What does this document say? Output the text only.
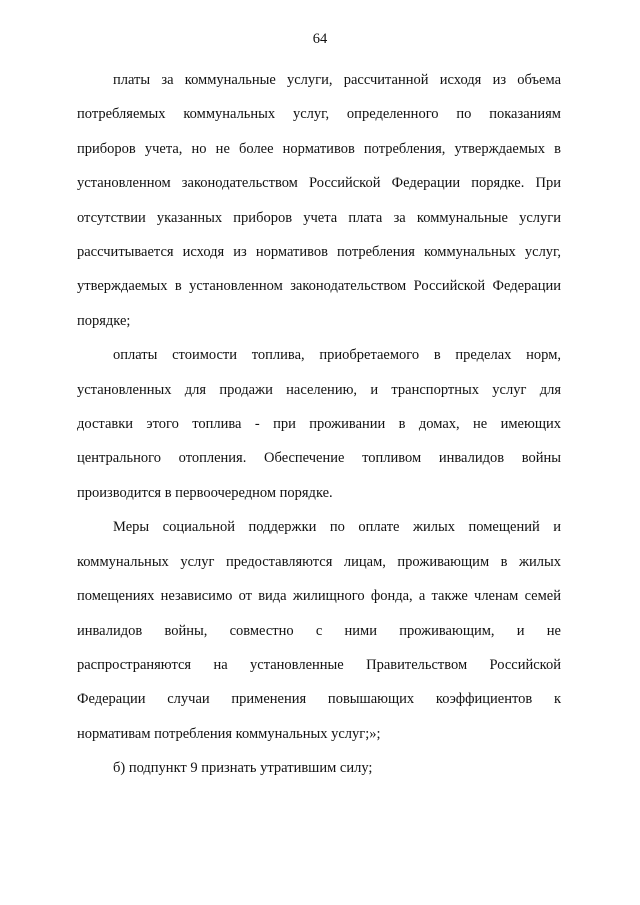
64

платы за коммунальные услуги, рассчитанной исходя из объема
потребляемых коммунальных услуг, определенного по показаниям
приборов учета, но не более нормативов потребления, утверждаемых в
установленном законодательством Российской Федерации порядке. При
отсутствии указанных приборов учета плата за коммунальные услуги
рассчитывается исходя из нормативов потребления коммунальных услуг,
утверждаемых в установленном законодательством Российской Федерации
порядке;

оплаты стоимости топлива, приобретаемого в пределах норм,
установленных для продажи населению, и транспортных услуг для
доставки этого топлива - при проживании в домах, не имеющих
центрального отопления. Обеспечение топливом инвалидов войны
производится в первоочередном порядке.

Меры социальной поддержки по оплате жилых помещений и
коммунальных услуг предоставляются лицам, проживающим в жилых
помещениях независимо от вида жилищного фонда, а также членам семей
инвалидов войны, совместно с ними проживающим, и не
распространяются на установленные Правительством Российской
Федерации случаи применения повышающих коэффициентов к
нормативам потребления коммунальных услуг;»;

б) подпункт 9 признать утратившим силу;
